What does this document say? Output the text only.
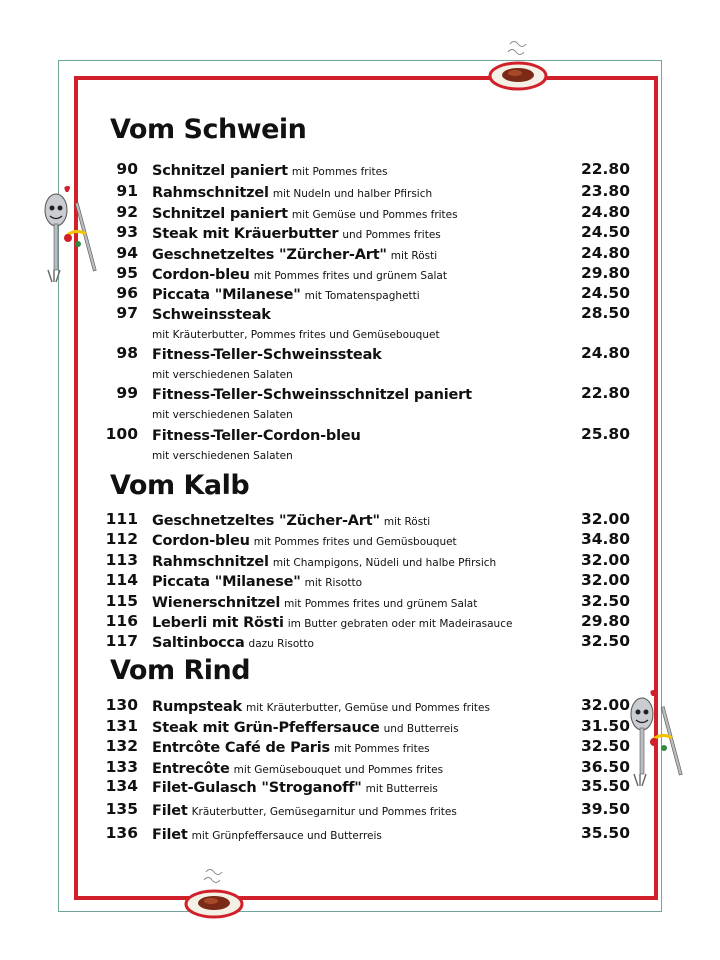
Vom Schwein
90 Schnitzel paniert mit Pommes frites	22.80
91 Rahmschnitzel mit Nudeln und halber Pfirsich	23.80
92 Schnitzel paniert mit Gemüse und Pommes frites	24.80
93 Steak mit Kräuerbutter und Pommes frites	24.50
94 Geschnetzeltes "Zürcher-Art" mit Rösti	24.80
95 Cordon-bleu mit Pommes frites und grünem Salat	29.80
96 Piccata "Milanese" mit Tomatenspaghetti	24.50
97 Schweinssteak	28.50
mit Kräuterbutter, Pommes frites und Gemüsebouquet
98 Fitness-Teller-Schweinssteak	24.80
mit verschiedenen Salaten
99 Fitness-Teller-Schweinsschnitzel paniert	22.80
mit verschiedenen Salaten
100 Fitness-Teller-Cordon-bleu	25.80
mit verschiedenen Salaten
Vom Kalb
111 Geschnetzeltes "Zücher-Art" mit Rösti	32.00
112 Cordon-bleu mit Pommes frites und Gemüsbouquet	34.80
113 Rahmschnitzel mit Champigons, Nüdeli und halbe Pfirsich	32.00
114 Piccata "Milanese" mit Risotto	32.00
115 Wienerschnitzel mit Pommes frites und grünem Salat	32.50
116 Leberli mit Rösti im Butter gebraten oder mit Madeirasauce	29.80
117 Saltinbocca dazu Risotto	32.50
Vom Rind
130 Rumpsteak mit Kräuterbutter, Gemüse und Pommes frites	32.00
131 Steak mit Grün-Pfeffersauce und Butterreis	31.50
132 Entrcôte Café de Paris mit Pommes frites	32.50
133 Entrecôte mit Gemüsebouquet und Pommes frites	36.50
134 Filet-Gulasch "Stroganoff" mit Butterreis	35.50
135 Filet Kräuterbutter, Gemüsegarnitur und Pommes frites	39.50
136 Filet mit Grünpfeffersauce und Butterreis	35.50
